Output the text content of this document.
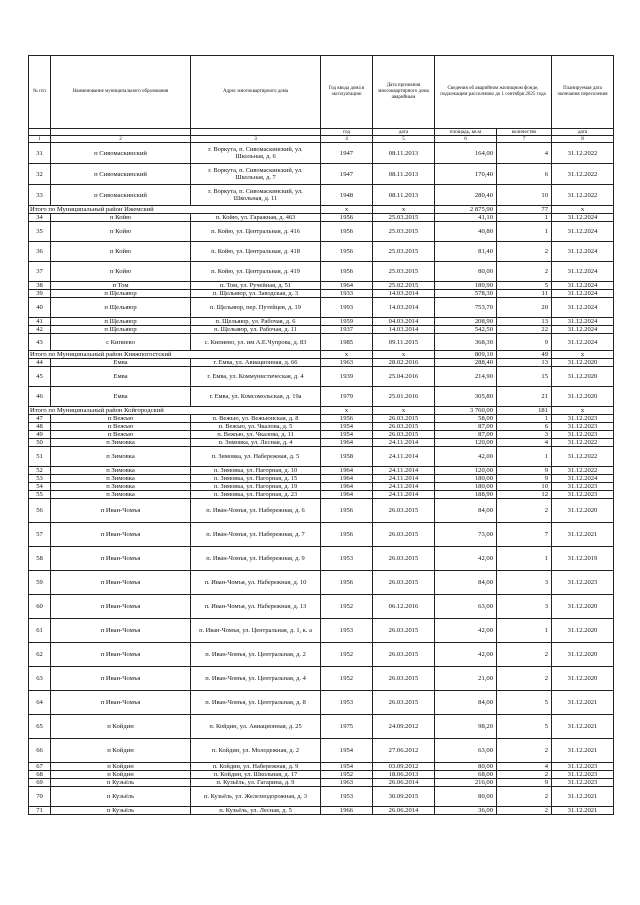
№ п/п	Наименование муниципального образования	Адрес многоквартирного дома	Год ввода дома в эксплуатацию	Дата признания многоквартирного дома аварийным	Сведения об аварийном жилищном фонде, подлежащем расселению до 1 сентября 2025 года		Планируемая дата окончания переселения
			год	дата	площадь, кв.м	количество	дата
1	2	3	4	5	6	7	8
31	п Сивомаскинский	г. Воркута, п. Сивомаскинский, ул. Школьная, д. 6	1947	08.11.2013	164,00	4	31.12.2022
32	п Сивомаскинский	г. Воркута, п. Сивомаскинский, ул. Школьная, д. 7	1947	08.11.2013	170,40	6	31.12.2022
33	п Сивомаскинский	г. Воркута, п. Сивомаскинский, ул. Школьная, д. 11	1948	08.11.2013	280,40	10	31.12.2022
Итого по Муниципальный район Ижемский			x	x	2 875,90	77	x
34	п Койю	п. Койю, ул. Гаражная, д. 463	1956	25.03.2015	41,10	1	31.12.2024
35	п Койю	п. Койю, ул. Центральная, д. 416	1956	25.03.2015	40,80	1	31.12.2024
36	п Койю	п. Койю, ул. Центральная, д. 418	1956	25.03.2015	81,40	2	31.12.2024
37	п Койю	п. Койю, ул. Центральная, д. 419	1956	25.03.2015	80,00	2	31.12.2024
38	п Том	п. Том, ул. Ручейная, д. 51	1964	25.02.2015	189,90	5	31.12.2024
39	п Щельяюр	п. Щельяюр, ул. Заводская, д. 3	1933	14.03.2014	578,30	11	31.12.2024
40	п Щельяюр	п. Щельяюр, пер. Путейцев, д. 19	1993	14.03.2014	753,70	20	31.12.2024
41	п Щельяюр	п. Щельяюр, ул. Рабочая, д. 6	1959	04.03.2014	208,90	13	31.12.2024
42	п Щельяюр	п. Щельяюр, ул. Рабочая, д. 11	1937	14.03.2014	542,50	22	31.12.2024
43	с Кипиево	с. Кипиево, ул. им А.Е.Чупрова, д. 83	1985	09.11.2015	368,30	9	31.12.2024
Итого по Муниципальный район Княжпогостский			x	x	809,10	49	x
44	Емва	г. Емва, ул. Авиационная, д. 66	1963	28.02.2016	288,40	13	31.12.2020
45	Емва	г. Емва, ул. Коммунистическая, д. 4	1939	25.04.2016	214,90	15	31.12.2020
46	Емва	г. Емва, ул. Комсомольская, д. 19а	1979	25.01.2016	305,80	21	31.12.2020
Итого по Муниципальный район Койгородский			x	x	3 760,00	181	x
47	п Вежъю	п. Вежъю, ул. Вежъюнская, д. 8	1956	26.03.2015	58,00	1	31.12.2023
48	п Вежъю	п. Вежъю, ул. Чкалова, д. 5	1954	26.03.2015	87,00	6	31.12.2023
49	п Вежъю	п. Вежъю, ул. Чкалова, д. 11	1954	26.03.2015	87,00	3	31.12.2023
50	п Зимовка	п. Зимовка, ул. Лесная, д. 4	1964	24.11.2014	120,00	4	31.12.2022
51	п Зимовка	п. Зимовка, ул. Набережная, д. 5	1958	24.11.2014	42,00	1	31.12.2022
52	п Зимовка	п. Зимовка, ул. Нагорная, д. 10	1964	24.11.2014	120,00	9	31.12.2022
53	п Зимовка	п. Зимовка, ул. Нагорная, д. 15	1964	24.11.2014	180,00	9	31.12.2024
54	п Зимовка	п. Зимовка, ул. Нагорная, д. 19	1964	24.11.2014	180,00	10	31.12.2023
55	п Зимовка	п. Зимовка, ул. Нагорная, д. 23	1964	24.11.2014	188,90	12	31.12.2023
56	п Иван-Чомъя	п. Иван-Чомъя, ул. Набережная, д. 6	1956	26.03.2015	84,00	2	31.12.2020
57	п Иван-Чомъя	п. Иван-Чомъя, ул. Набережная, д. 7	1956	26.03.2015	73,00	7	31.12.2021
58	п Иван-Чомъя	п. Иван-Чомъя, ул. Набережная, д. 9	1953	26.03.2015	42,00	1	31.12.2019
59	п Иван-Чомъя	п. Иван-Чомъя, ул. Набережная, д. 10	1956	26.03.2015	84,00	3	31.12.2023
60	п Иван-Чомъя	п. Иван-Чомъя, ул. Набережная, д. 13	1952	06.12.2016	63,00	3	31.12.2020
61	п Иван-Чомъя	п. Иван-Чомъя, ул. Центральная, д. 1, к. а	1953	26.03.2015	42,00	1	31.12.2020
62	п Иван-Чомъя	п. Иван-Чомъя, ул. Центральная, д. 2	1952	26.03.2015	42,00	2	31.12.2020
63	п Иван-Чомъя	п. Иван-Чомъя, ул. Центральная, д. 4	1952	26.03.2015	21,00	2	31.12.2020
64	п Иван-Чомъя	п. Иван-Чомъя, ул. Центральная, д. 8	1953	26.03.2015	84,00	5	31.12.2021
65	п Койдин	п. Койдин, ул. Авиационная, д. 25	1975	24.09.2012	98,20	5	31.12.2021
66	п Койдин	п. Койдин, ул. Молодежная, д. 2	1954	27.06.2012	63,00	2	31.12.2021
67	п Койдин	п. Койдин, ул. Набережная, д. 9	1954	03.09.2012	80,00	4	31.12.2023
68	п Койдин	п. Койдин, ул. Школьная, д. 17	1952	18.06.2013	68,00	2	31.12.2023
69	п Кузьёль	п. Кузьёль, ул. Гагарина, д. 9	1963	26.06.2014	216,00	9	31.12.2023
70	п Кузьёль	п. Кузьёль, ул. Железнодорожная, д. 3	1953	30.09.2015	80,00	2	31.12.2021
71	п Кузьёль	п. Кузьёль, ул. Лесная, д. 5	1966	26.06.2014	36,00	2	31.12.2021
